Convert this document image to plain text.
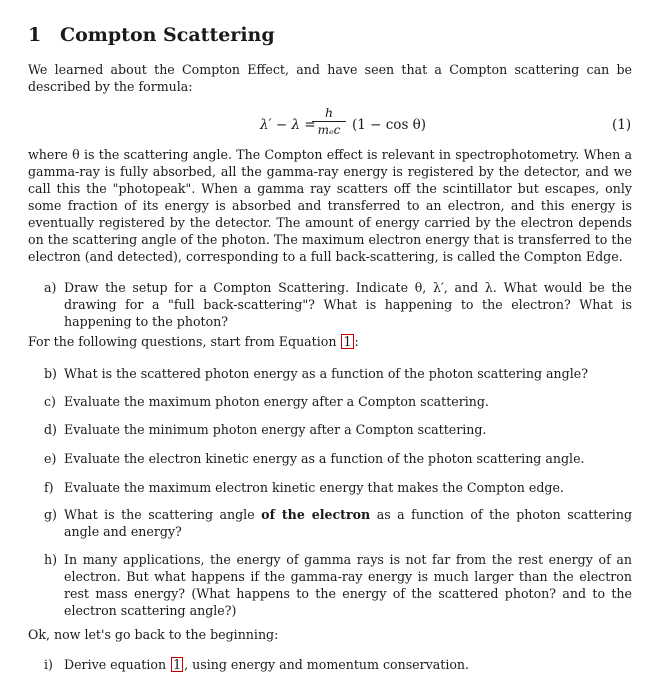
1 Compton Scattering
We learned about the Compton Effect, and have seen that a Compton scattering can be described by the formula:
λ′ − λ =
h
mₑc (1 − cos θ)	(1)
where θ is the scattering angle. The Compton effect is relevant in spectrophotometry. When a gamma-ray is fully absorbed, all the gamma-ray energy is registered by the detector, and we call this the "photopeak". When a gamma ray scatters off the scintillator but escapes, only some fraction of its energy is absorbed and transferred to an electron, and this energy is eventually registered by the detector. The amount of energy carried by the electron depends on the scattering angle of the photon. The maximum electron energy that is transferred to the electron (and detected), corresponding to a full back-scattering, is called the Compton Edge.
a) Draw the setup for a Compton Scattering. Indicate θ, λ′, and λ. What would be the drawing for a "full back-scattering"? What is happening to the electron? What is happening to the photon?
For the following questions, start from Equation 1 :
b) What is the scattered photon energy as a function of the photon scattering angle?
c) Evaluate the maximum photon energy after a Compton scattering.
d) Evaluate the minimum photon energy after a Compton scattering.
e) Evaluate the electron kinetic energy as a function of the photon scattering angle.
f) Evaluate the maximum electron kinetic energy that makes the Compton edge.
g) What is the scattering angle of the electron as a function of the photon scattering angle and energy?
h) In many applications, the energy of gamma rays is not far from the rest energy of an electron. But what happens if the gamma-ray energy is much larger than the electron rest mass energy? (What happens to the energy of the scattered photon? and to the electron scattering angle?)
Ok, now let's go back to the beginning:
i) Derive equation 1 , using energy and momentum conservation.
